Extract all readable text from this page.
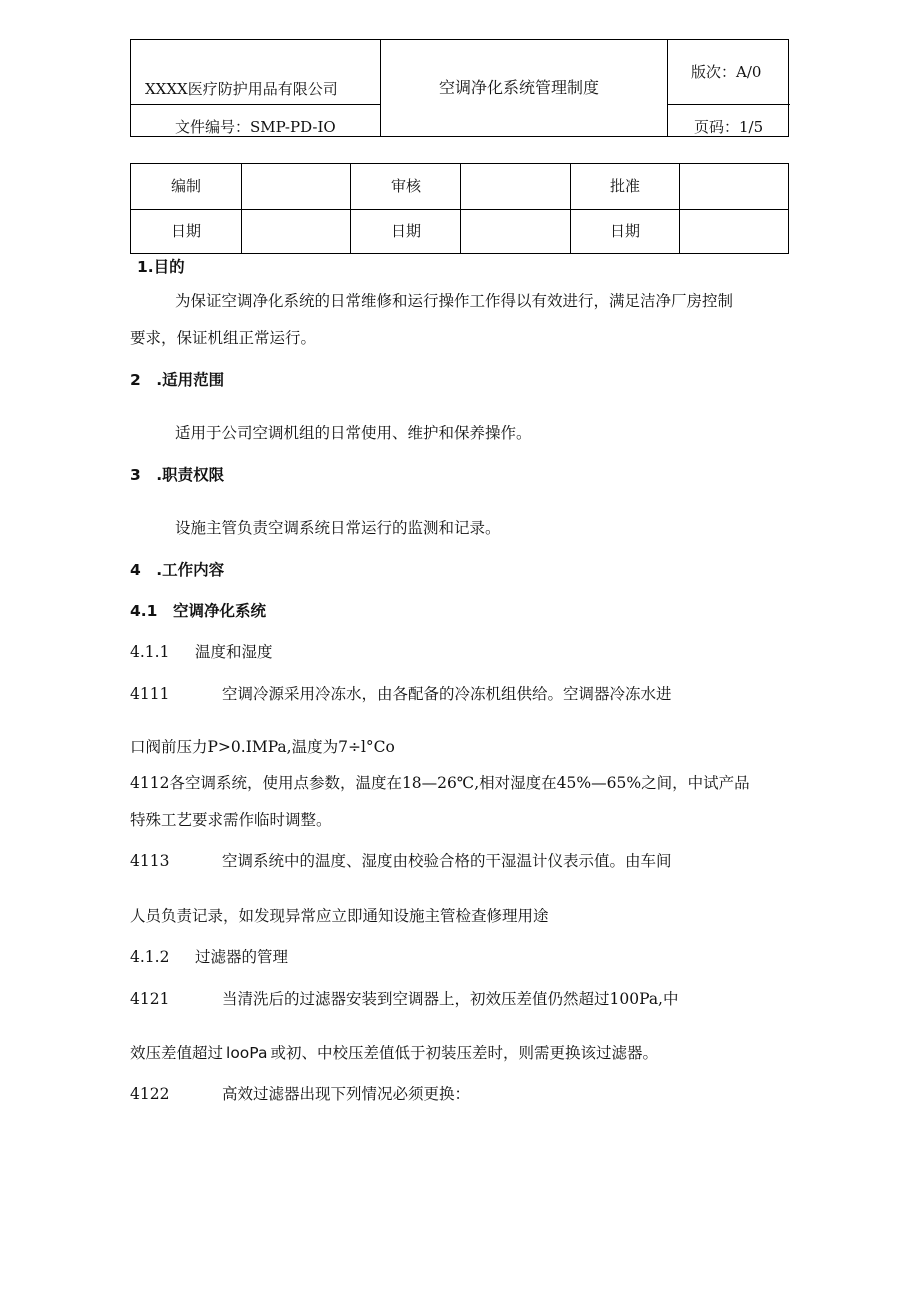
XXXX医疗防护用品有限公司
文件编号：SMP-PD-IO
空调净化系统管理制度
版次：A/0
页码：1/5
编制	审核	批准
日期	日期	日期
1.目的
为保证空调净化系统的日常维修和运行操作工作得以有效进行，满足洁净厂房控制
要求，保证机组正常运行。
2　.适用范围
适用于公司空调机组的日常使用、维护和保养操作。
3　.职责权限
设施主管负责空调系统日常运行的监测和记录。
4　.工作内容
4.1　空调净化系统
4.1.1 温度和湿度
4111	空调冷源采用冷冻水，由各配备的冷冻机组供给。空调器冷冻水进
口阀前压力P>0.IMPa,温度为7÷l°Co
4112各空调系统，使用点参数，温度在18—26℃,相对湿度在45%—65%之间，中试产品
特殊工艺要求需作临时调整。
4113	空调系统中的温度、湿度由校验合格的干湿温计仪表示值。由车间
人员负责记录，如发现异常应立即通知设施主管检查修理用途
4.1.2 过滤器的管理
4121	当清洗后的过滤器安装到空调器上，初效压差值仍然超过100Pa,中
效压差值超过 looPa 或初、中校压差值低于初装压差时，则需更换该过滤器。
4122	高效过滤器出现下列情况必须更换：
